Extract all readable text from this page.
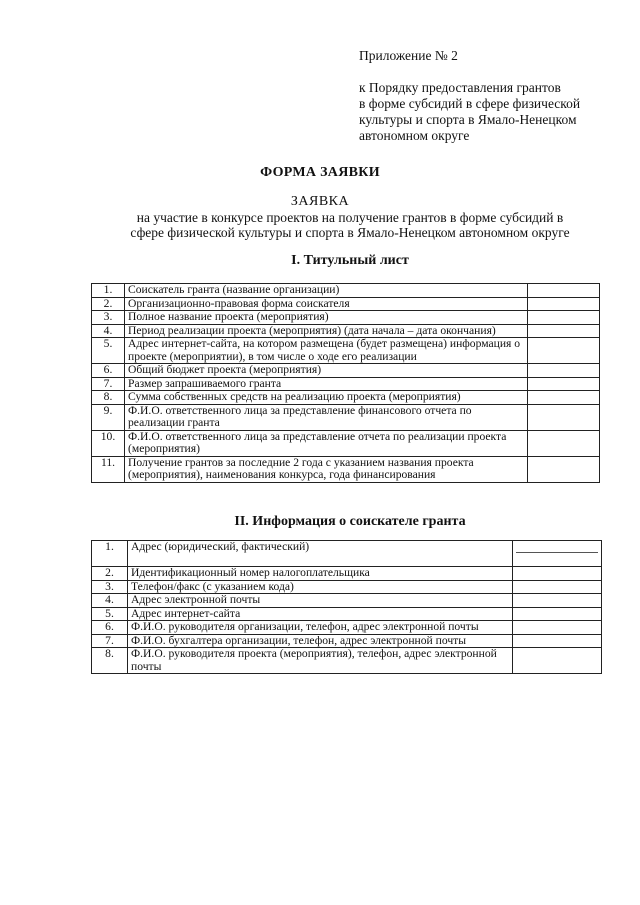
Приложение № 2
к Порядку предоставления грантов
в форме субсидий в сфере физической
культуры и спорта в Ямало-Ненецком
автономном округе
ФОРМА ЗАЯВКИ
ЗАЯВКА
на участие в конкурсе проектов на получение грантов в форме субсидий в
сфере физической культуры и спорта в Ямало-Ненецком автономном округе
I. Титульный лист
1.	Соискатель гранта (название организации)	
2.	Организационно-правовая форма соискателя	
3.	Полное название проекта (мероприятия)	
4.	Период реализации проекта (мероприятия) (дата начала – дата окончания)	
5.	Адрес интернет-сайта, на котором размещена (будет размещена) информация о проекте (мероприятии), в том числе о ходе его реализации	
6.	Общий бюджет проекта (мероприятия)	
7.	Размер запрашиваемого гранта	
8.	Сумма собственных средств на реализацию проекта (мероприятия)	
9.	Ф.И.О. ответственного лица за представление финансового отчета по реализации гранта	
10.	Ф.И.О. ответственного лица за представление отчета по реализации проекта (мероприятия)	
11.	Получение грантов за последние 2 года с указанием названия проекта (мероприятия), наименования конкурса, года финансирования	
II. Информация о соискателе гранта
1.	Адрес (юридический, фактический)	

2.	Идентификационный номер налогоплательщика	
3.	Телефон/факс (с указанием кода)	
4.	Адрес электронной почты	
5.	Адрес интернет-сайта	
6.	Ф.И.О. руководителя организации, телефон, адрес электронной почты	
7.	Ф.И.О. бухгалтера организации, телефон, адрес электронной почты	
8.	Ф.И.О. руководителя проекта (мероприятия), телефон, адрес электронной почты	
